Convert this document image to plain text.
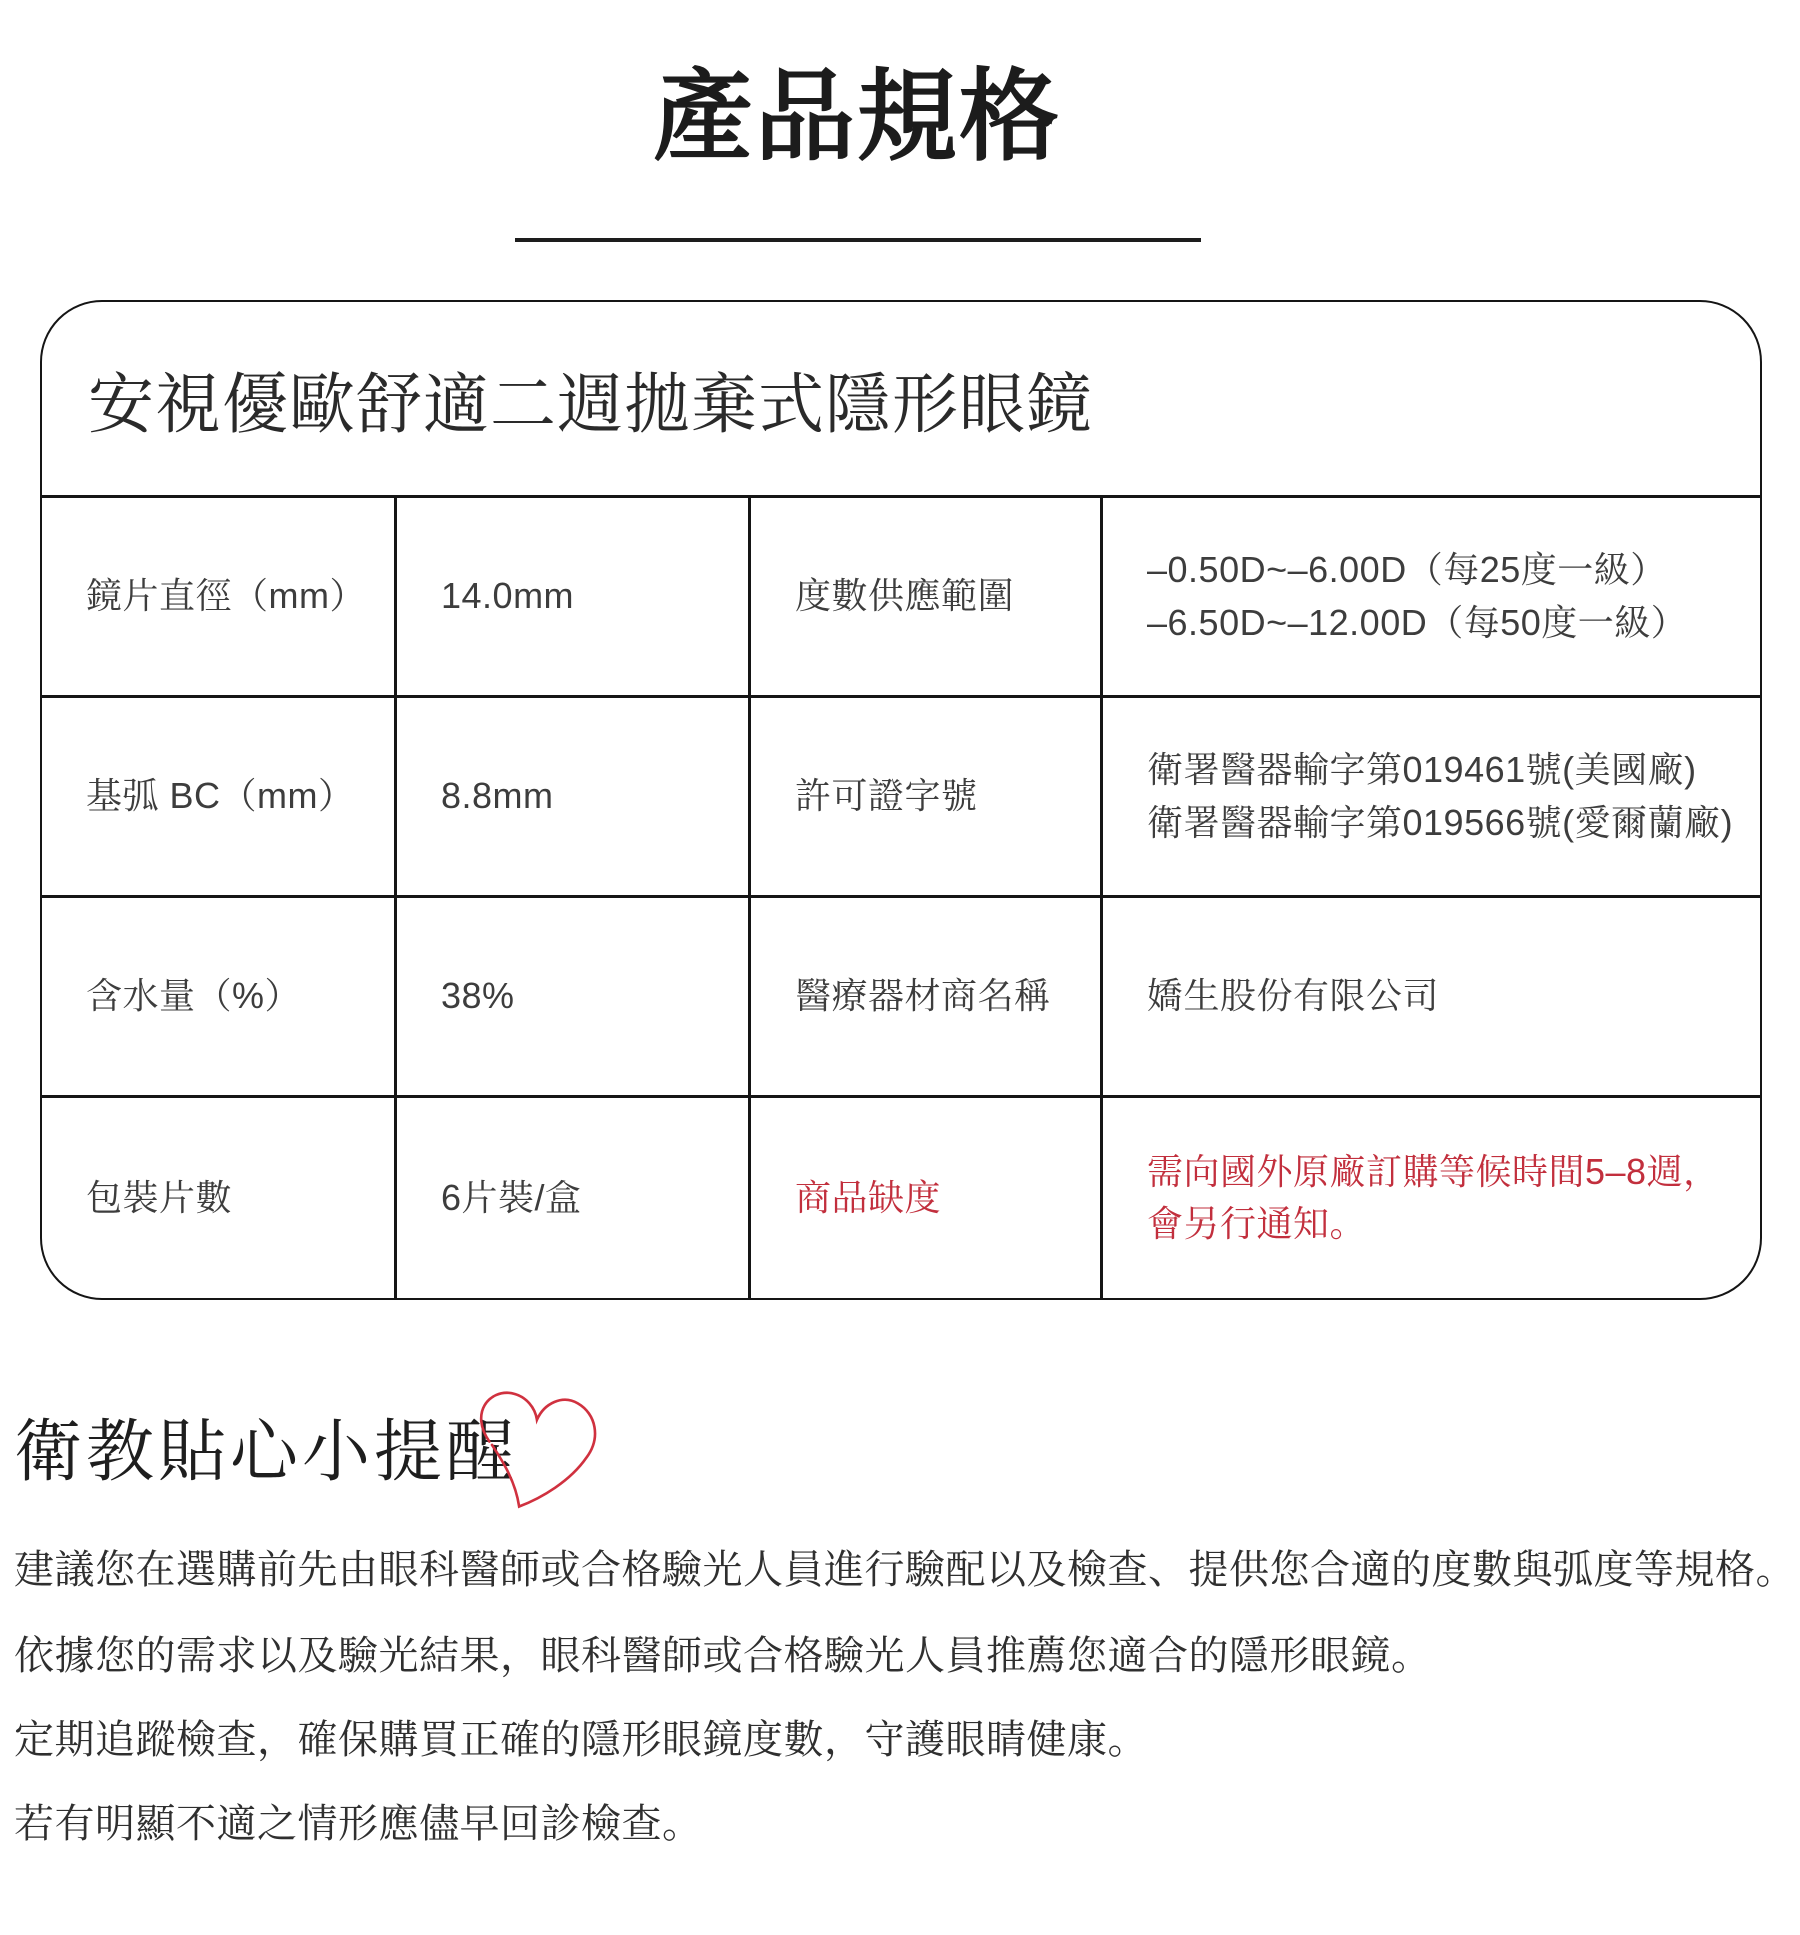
產品規格
安視優歐舒適二週拋棄式隱形眼鏡
鏡片直徑（mm）	14.0mm	度數供應範圍
–0.50D~–6.00D（每25度一級）
–6.50D~–12.00D（每50度一級）
基弧 BC（mm）	8.8mm	許可證字號
衛署醫器輸字第019461號(美國廠)
衛署醫器輸字第019566號(愛爾蘭廠)
含水量（%）	38%	醫療器材商名稱	嬌生股份有限公司
包裝片數	6片裝/盒	商品缺度
需向國外原廠訂購等候時間5–8週，
會另行通知。
衛教貼心小提醒

建議您在選購前先由眼科醫師或合格驗光人員進行驗配以及檢查、提供您合適的度數與弧度等規格。

依據您的需求以及驗光結果，眼科醫師或合格驗光人員推薦您適合的隱形眼鏡。

定期追蹤檢查，確保購買正確的隱形眼鏡度數，守護眼睛健康。

若有明顯不適之情形應儘早回診檢查。
